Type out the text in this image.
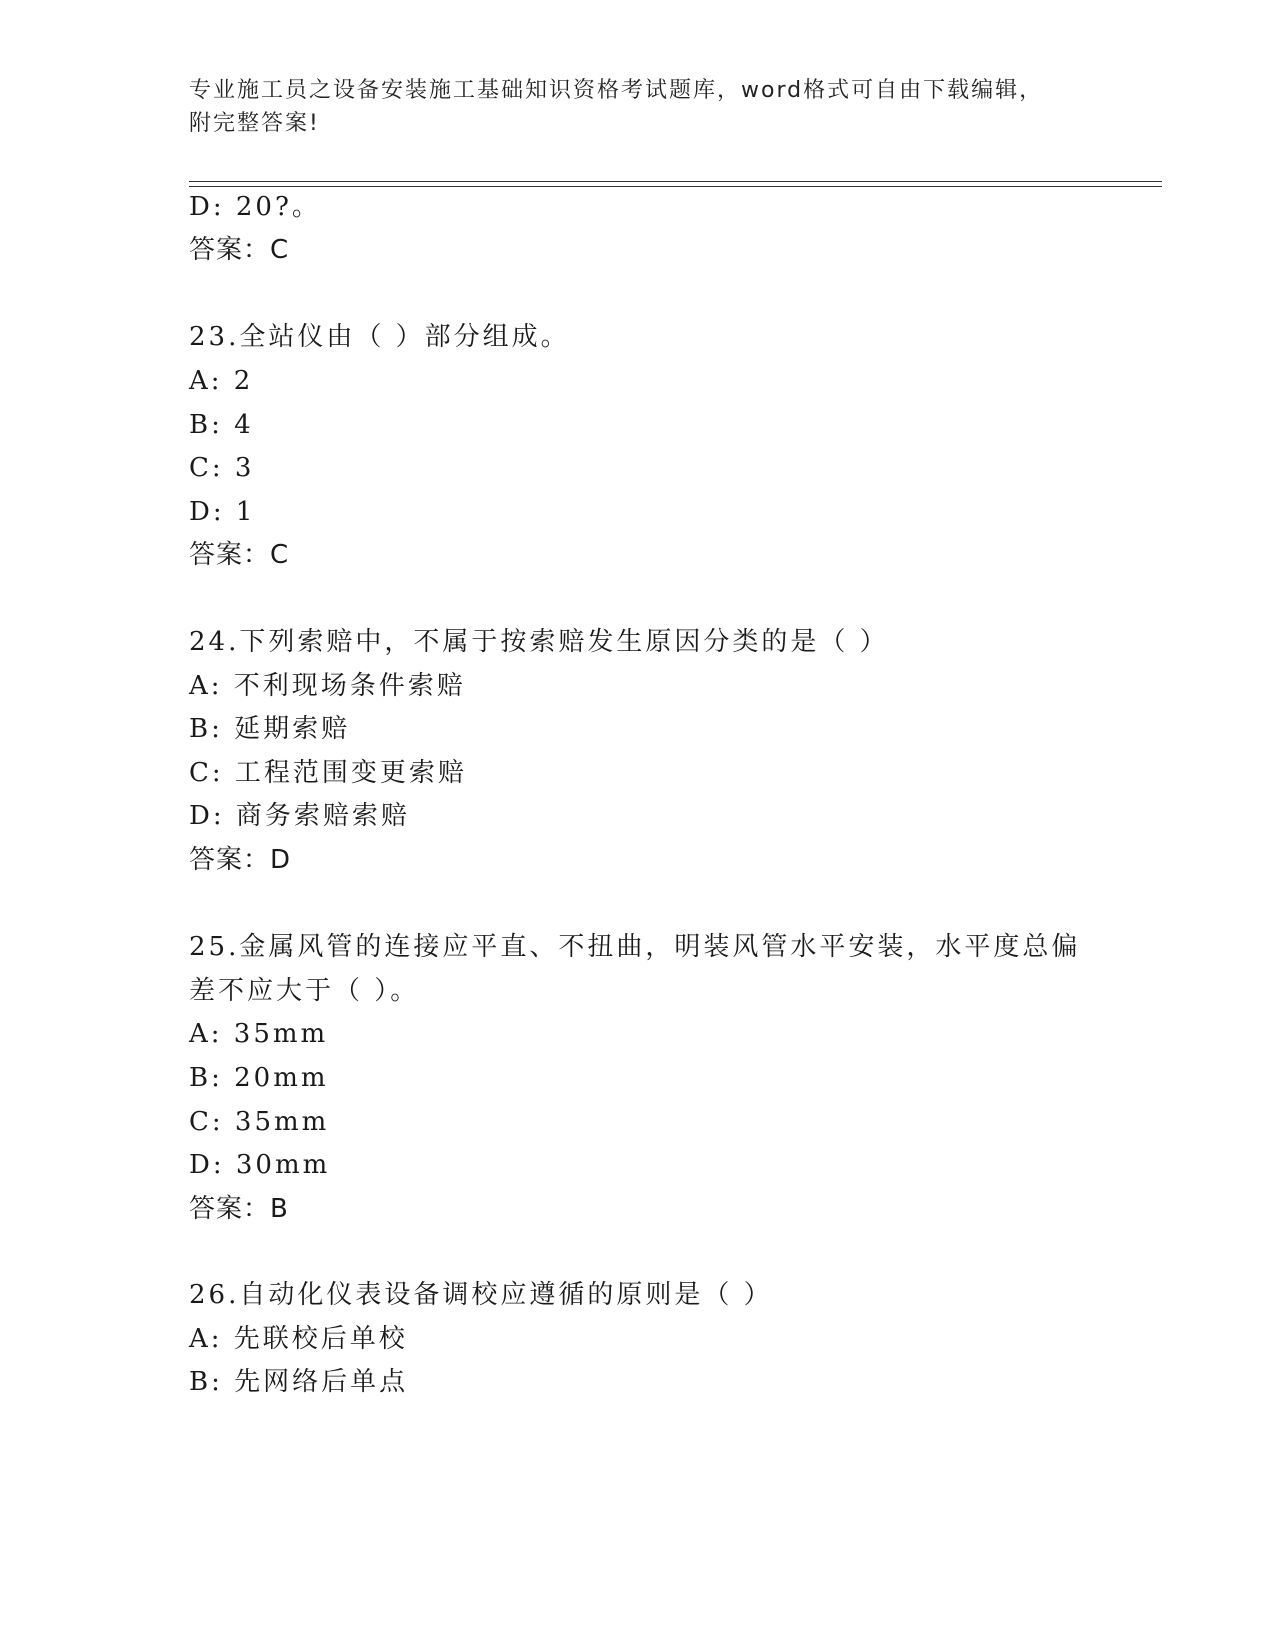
专业施工员之设备安装施工基础知识资格考试题库，word格式可自由下载编辑，
附完整答案!
D: 20?。
答案：C
23.全站仪由（ ）部分组成。
A: 2
B: 4
C: 3
D: 1
答案：C
24.下列索赔中，不属于按索赔发生原因分类的是（ ）
A: 不利现场条件索赔
B: 延期索赔
C: 工程范围变更索赔
D: 商务索赔索赔
答案：D
25.金属风管的连接应平直、不扭曲，明装风管水平安装，水平度总偏
差不应大于（ ）。
A: 35mm
B: 20mm
C: 35mm
D: 30mm
答案：B
26.自动化仪表设备调校应遵循的原则是（ ）
A: 先联校后单校
B: 先网络后单点
